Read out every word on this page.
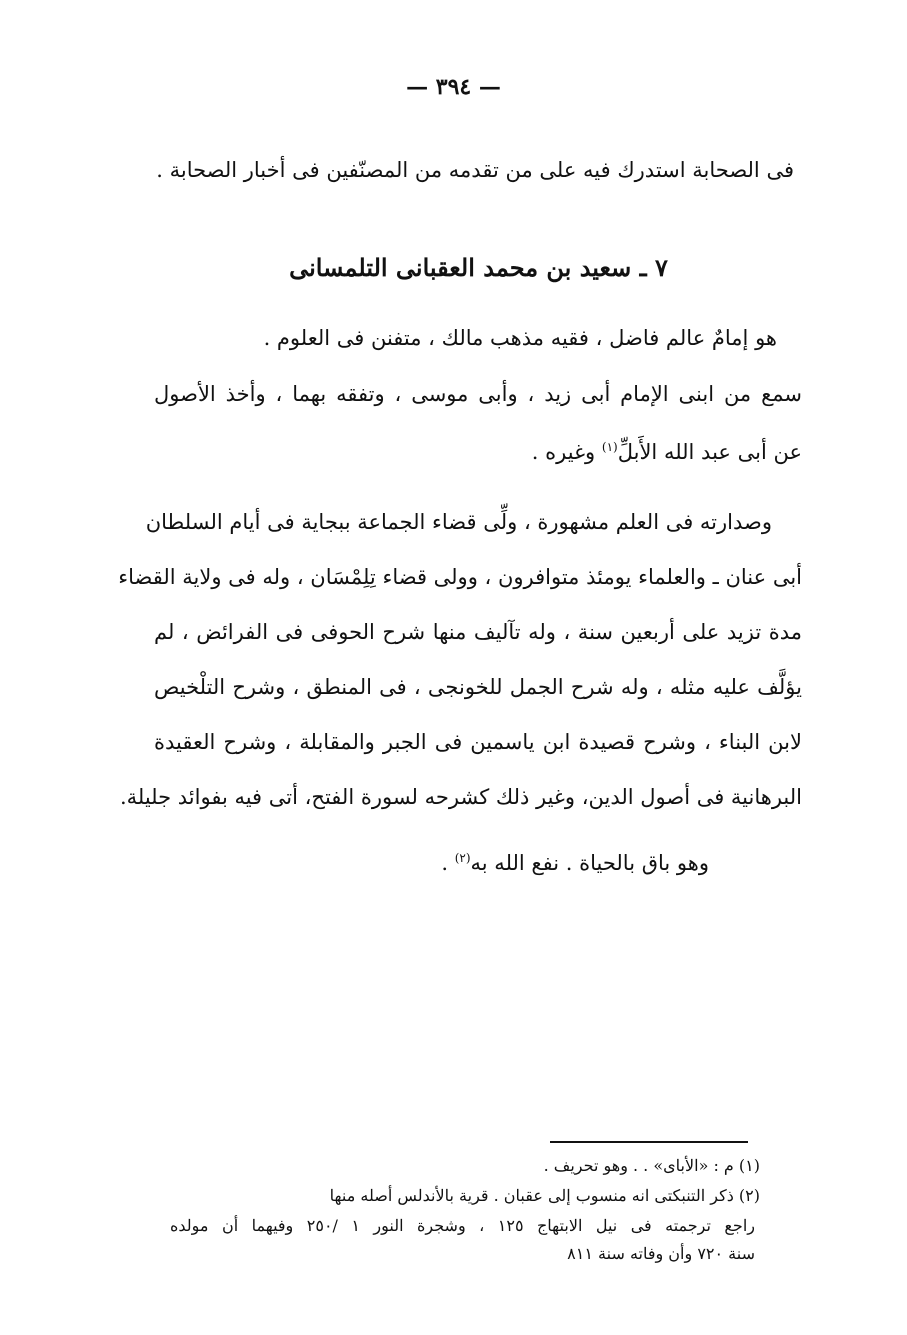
— ٣٩٤ —
فى الصحابة استدرك فيه على من تقدمه من المصنّفين فى أخبار الصحابة .
٧ ـ سعيد بن محمد العقبانى التلمسانى
هو إمامٌ عالم فاضل ، فقيه مذهب مالك ، متفنن فى العلوم .
سمع من ابنى الإمام أبى زيد ، وأبى موسى ، وتفقه بهما ، وأخذ الأصول
عن أبى عبد الله الأَبلِّ$^{(١)}$ وغيره .
وصدارته فى العلم مشهورة ، ولِّى قضاء الجماعة ببجاية فى أيام السلطان
أبى عنان ـ والعلماء يومئذ متوافرون ، وولى قضاء تِلِمْسَان ، وله فى ولاية القضاء
مدة تزيد على أربعين سنة ، وله تآليف منها شرح الحوفى فى الفرائض ، لم
يؤلَّف عليه مثله ، وله شرح الجمل للخونجى ، فى المنطق ، وشرح التلْخيص
لابن البناء ، وشرح قصيدة ابن ياسمين فى الجبر والمقابلة ، وشرح العقيدة
البرهانية فى أصول الدين، وغير ذلك كشرحه لسورة الفتح، أتى فيه بفوائد جليلة.
وهو باق بالحياة . نفع الله به$^{(٢)}$ .
(١) م : «الأباى» . . وهو تحريف .
(٢) ذكر التنبكتى انه منسوب إلى عقبان . قرية بالأندلس أصله منها
راجع ترجمته فى نيل الابتهاج ١٢٥ ، وشجرة النور ١ /٢٥٠ وفيهما أن مولده
سنة ٧٢٠ وأن وفاته سنة ٨١١
